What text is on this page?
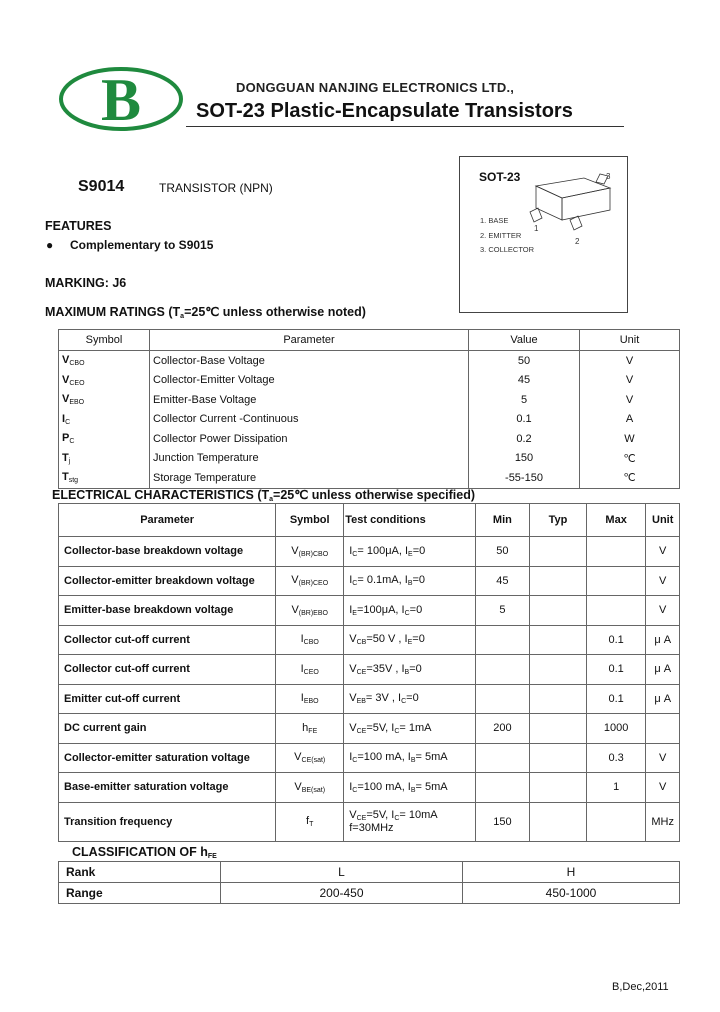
B	DONGGUAN NANJING ELECTRONICS LTD.,
SOT-23 Plastic-Encapsulate Transistors
S9014	TRANSISTOR (NPN)
FEATURES
● Complementary to S9015
MARKING: J6
SOT-23	3
1
2
1. BASE
2. EMITTER
3. COLLECTOR
MAXIMUM RATINGS ($T_a=25℃$ unless otherwise noted)
Symbol	Parameter	Value	Unit
$V_{CBO}$	Collector-Base Voltage	50	V
$V_{CEO}$	Collector-Emitter Voltage	45	V
$V_{EBO}$	Emitter-Base Voltage	5	V
$I_C$	Collector Current -Continuous	0.1	A
$P_C$	Collector Power Dissipation	0.2	W
$T_j$	Junction Temperature	150	℃
$T_{stg}$	Storage Temperature	-55-150	℃
ELECTRICAL CHARACTERISTICS ($T_a=25℃$ unless otherwise specified)
Parameter	Symbol	Test conditions	Min	Typ	Max	Unit
Collector-base breakdown voltage	$V_{(BR)CBO}$	$I_C= 100\mu A$, $I_E=0$	50			V
Collector-emitter breakdown voltage	$V_{(BR)CEO}$	$I_C= 0.1mA$, $I_B=0$	45			V
Emitter-base breakdown voltage	$V_{(BR)EBO}$	$I_E=100\mu A$, $I_C=0$	5			V
Collector cut-off current	$I_{CBO}$	$V_{CB}=50$ V , $I_E=0$			0.1	μ A
Collector cut-off current	$I_{CEO}$	$V_{CE}=35V$ , $I_B=0$			0.1	μ A
Emitter cut-off current	$I_{EBO}$	$V_{EB}= 3V$ , $I_C=0$			0.1	μ A
DC current gain	$h_{FE}$	$V_{CE}=5V$, $I_C= 1mA$	200		1000	
Collector-emitter saturation voltage	$V_{CE(sat)}$	$I_C=100$ mA, $I_B= 5mA$			0.3	V
Base-emitter saturation voltage	$V_{BE(sat)}$	$I_C=100$ mA, $I_B= 5mA$			1	V
Transition frequency	$f_T$	$V_{CE}=5V$, $I_C= 10mA$
f=30MHz	150			MHz
CLASSIFICATION OF $h_{FE}$
Rank	L	H
Range	200-450	450-1000
B,Dec,2011
